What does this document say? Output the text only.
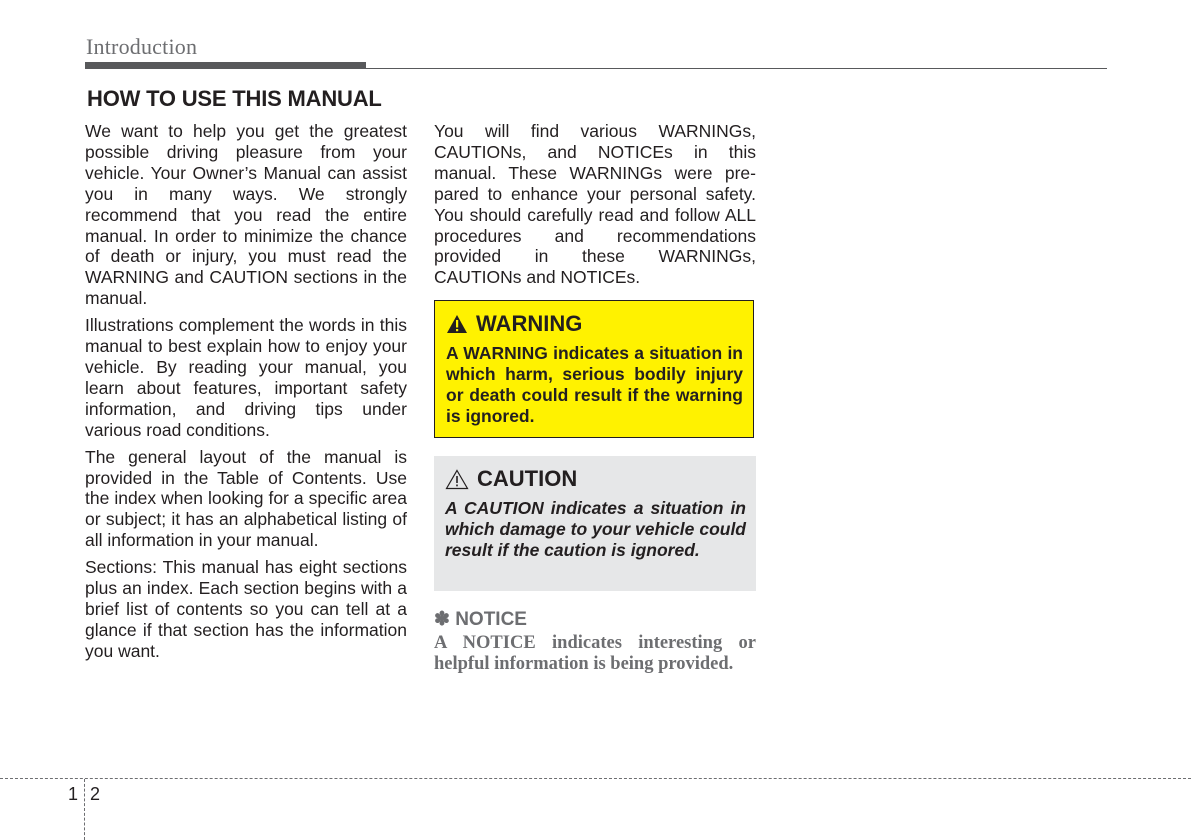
Introduction
HOW TO USE THIS MANUAL

We want to help you get the greatest possible driving pleasure from your vehicle. Your Owner’s Manual can assist you in many ways. We strongly recommend that you read the entire manual. In order to minimize the chance of death or injury, you must read the WARNING and CAUTION sections in the manual.

Illustrations complement the words in this manual to best explain how to enjoy your vehicle. By reading your manual, you learn about features, important safety information, and driving tips under various road conditions.

The general layout of the manual is provided in the Table of Contents. Use the index when looking for a specific area or subject; it has an alphabetical listing of all information in your manual.

Sections: This manual has eight sections plus an index. Each section begins with a brief list of contents so you can tell at a glance if that section has the information you want.

You will find various WARNINGs, CAUTIONs, and NOTICEs in this manual. These WARNINGs were prepared to enhance your personal safety. You should carefully read and follow ALL procedures and recommendations provided in these WARNINGs, CAUTIONs and NOTICEs.

WARNING
A WARNING indicates a situation in which harm, serious bodily injury or death could result if the warning is ignored.
CAUTION
A CAUTION indicates a situation in which damage to your vehicle could result if the caution is ignored.
✽ NOTICE
A NOTICE indicates interesting or helpful information is being provided.
1 2
